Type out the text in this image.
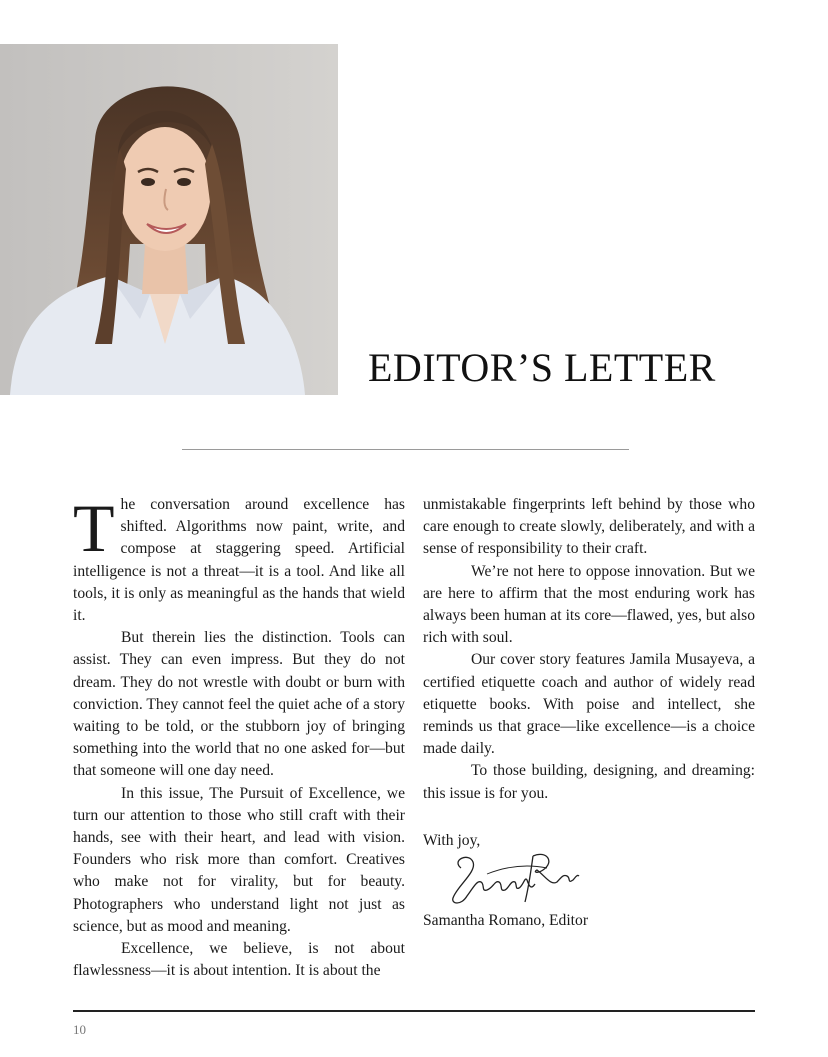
EDITOR’S LETTER

The conversation around excellence has shifted. Algorithms now paint, write, and compose at staggering speed. Artificial intelligence is not a threat—it is a tool. And like all tools, it is only as meaningful as the hands that wield it.

But therein lies the distinction. Tools can assist. They can even impress. But they do not dream. They do not wrestle with doubt or burn with conviction. They cannot feel the quiet ache of a story waiting to be told, or the stubborn joy of bringing something into the world that no one asked for—but that someone will one day need.

In this issue, The Pursuit of Excellence, we turn our attention to those who still craft with their hands, see with their heart, and lead with vision. Founders who risk more than comfort. Creatives who make not for virality, but for beauty. Photographers who understand light not just as science, but as mood and meaning.

Excellence, we believe, is not about flawlessness—it is about intention. It is about the

unmistakable fingerprints left behind by those who care enough to create slowly, deliberately, and with a sense of responsibility to their craft.

We’re not here to oppose innovation. But we are here to affirm that the most enduring work has always been human at its core—flawed, yes, but also rich with soul.

Our cover story features Jamila Musayeva, a certified etiquette coach and author of widely read etiquette books. With poise and intellect, she reminds us that grace—like excellence—is a choice made daily.

To those building, designing, and dreaming: this issue is for you.

With joy,
Samantha Romano, Editor
10
